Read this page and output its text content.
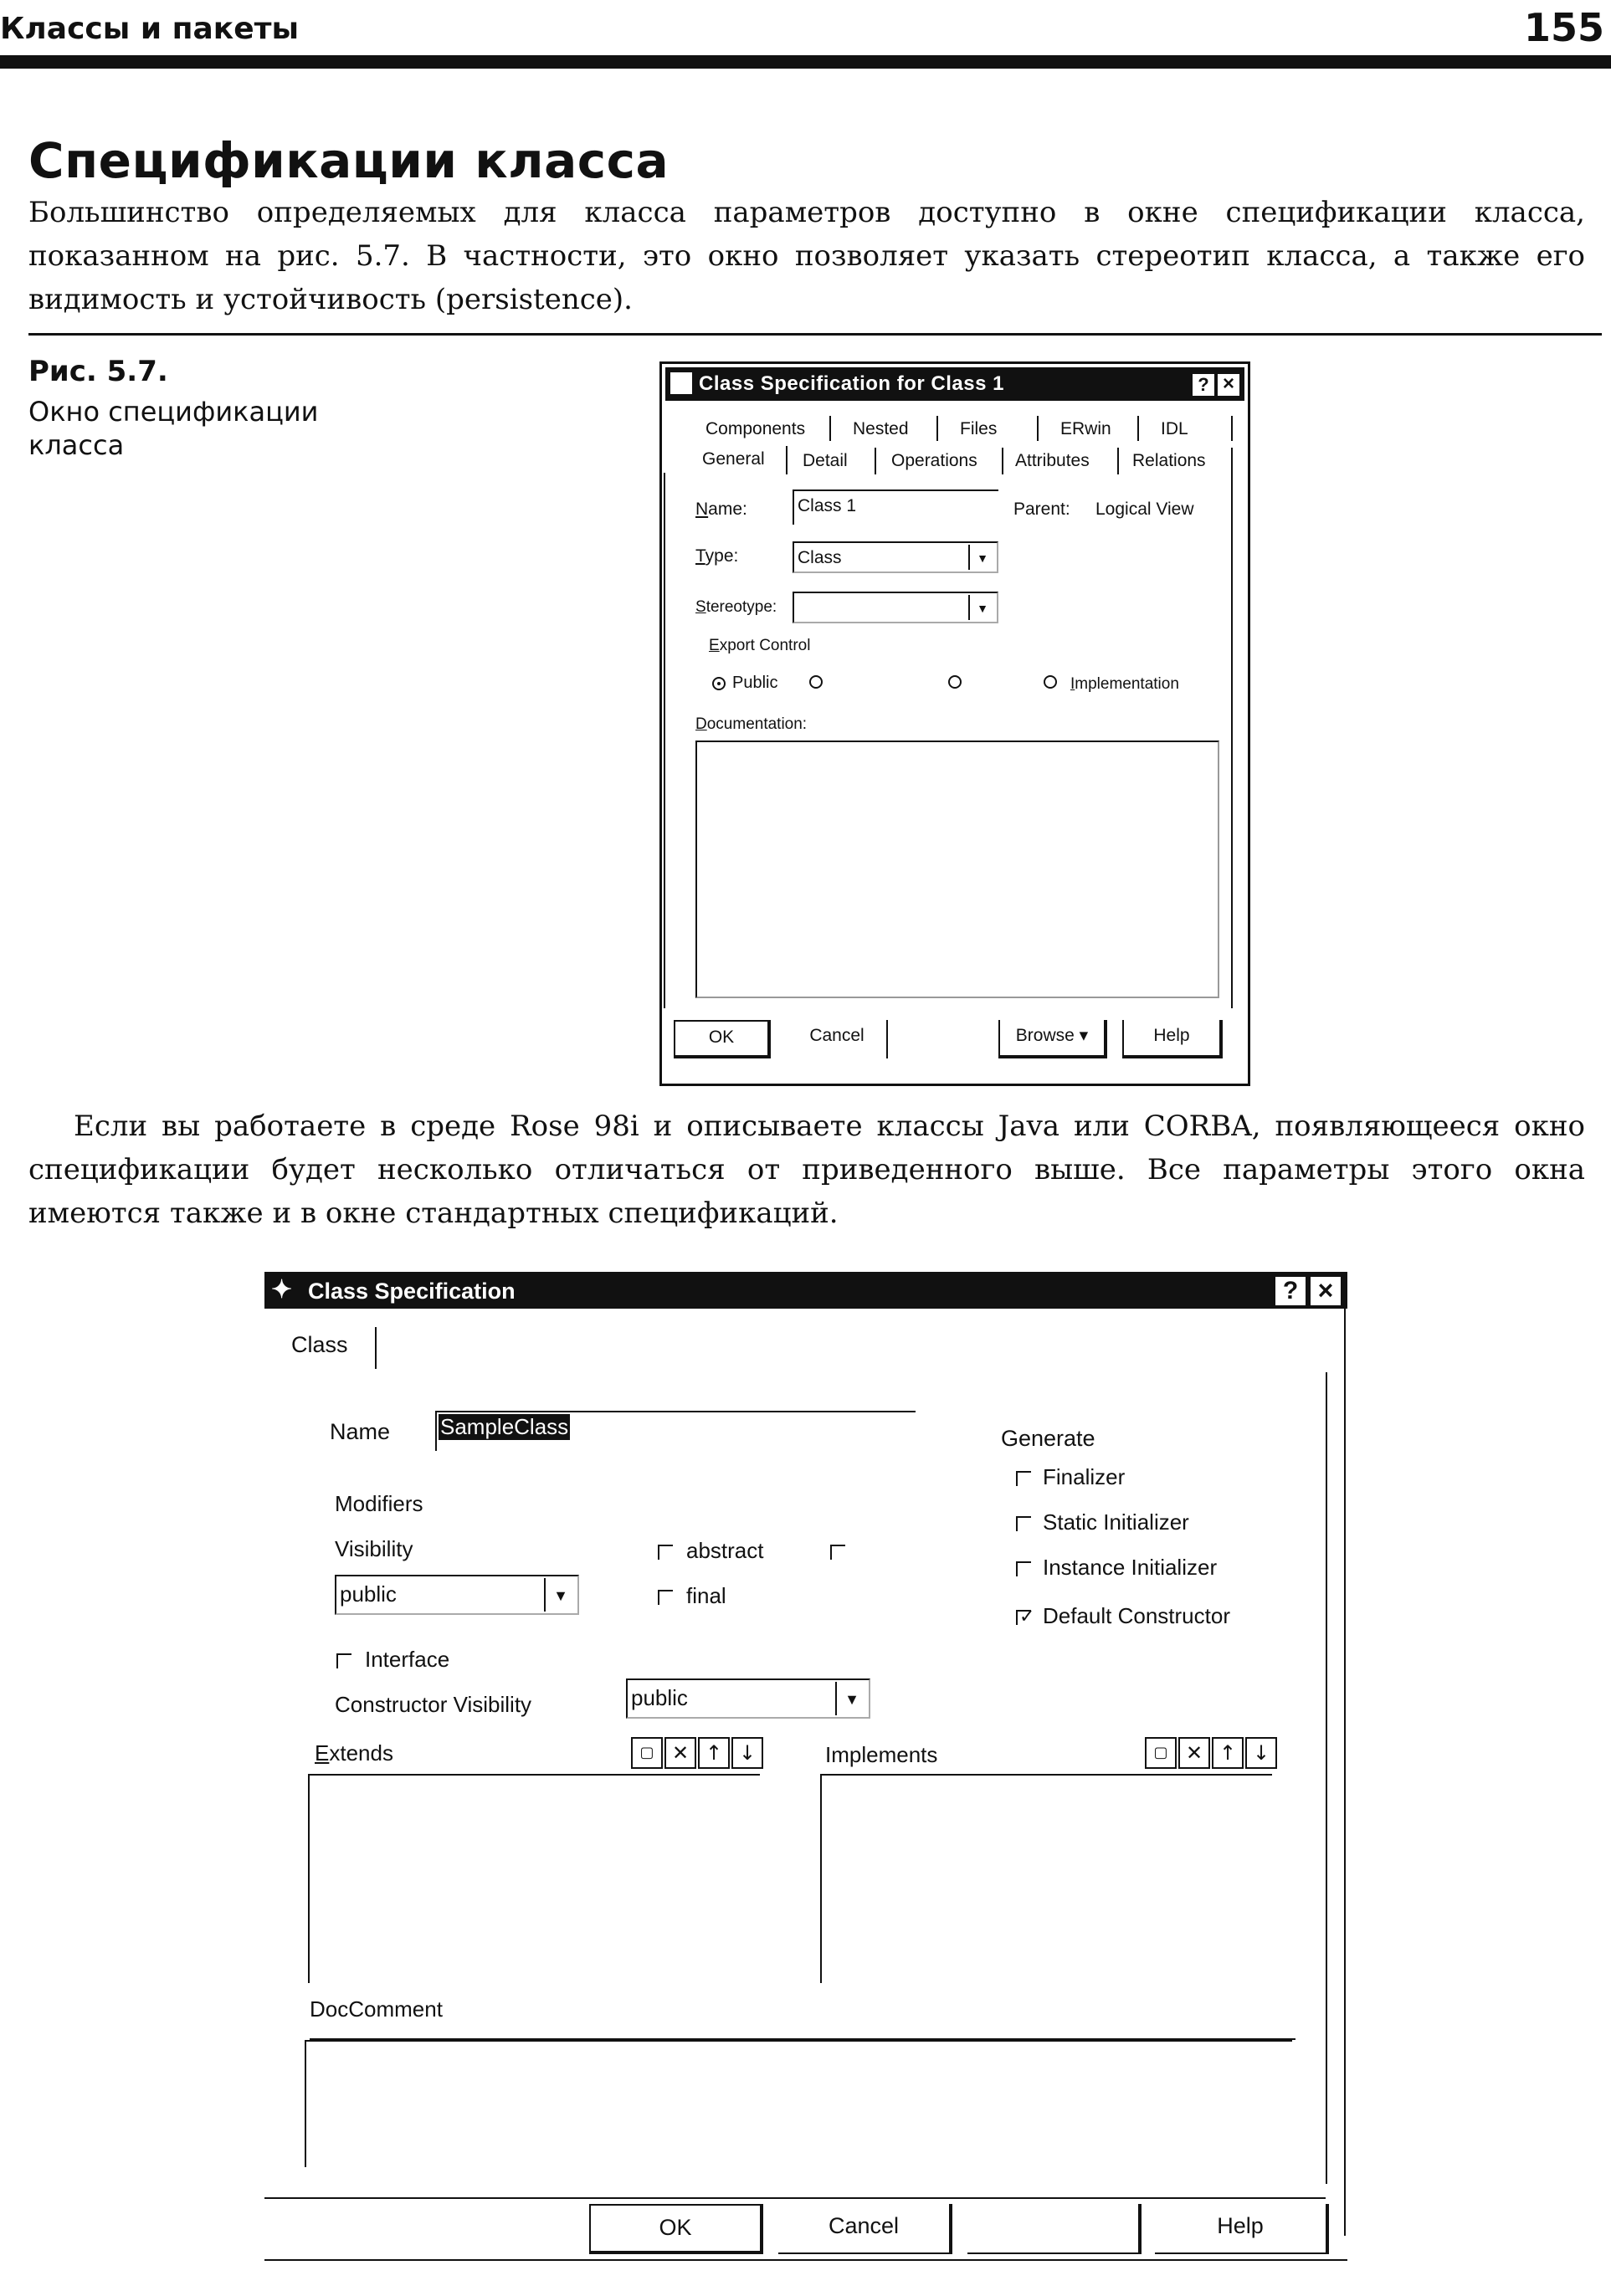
Классы и пакеты	155
Спецификации класса
Большинство определяемых для класса параметров доступно в окне спецификации класса, показанном на рис. 5.7. В частности, это окно позволяет указать стереотип класса, а также его видимость и устойчивость (persistence).
Рис. 5.7.
Окно спецификации класса
Class Specification for Class 1	? ×
Components	Nested	Files	ERwin	IDL
General Detail Operations Attributes Relations
Name:	Class 1	Parent: Logical View
Type:	Class	▼
Stereotype:	▼
Export Control
Public	Implementation
Documentation:
OK	Cancel	Browse ▾	Help
Если вы работаете в среде Rose 98i и описываете классы Java или CORBA, появляющееся окно спецификации будет несколько отличаться от приведенного выше. Все параметры этого окна имеются также и в окне стандартных спецификаций.
✦ Class Specification	? ×
Class
Name SampleClass	Generate
Finalizer
Static Initializer
Instance Initializer
✓
Default Constructor
Modifiers
Visibility
public	▼
abstract
final
Interface
Constructor Visibility	public	▼
Extends	▢ ✕ ↑ ↓	Implements	▢ ✕ ↑ ↓
DocComment
OK	Cancel	Help
